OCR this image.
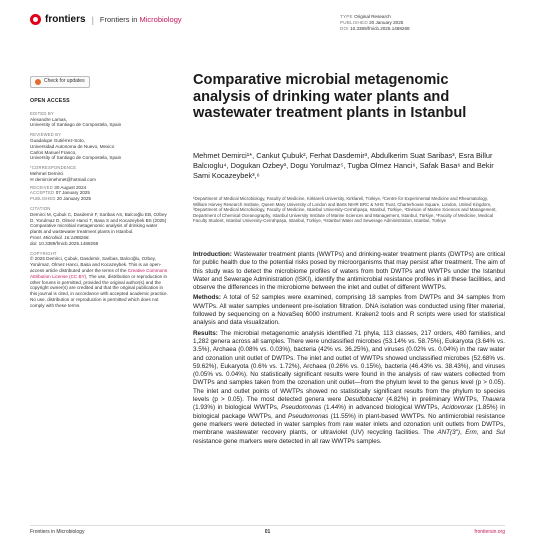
frontiers | Frontiers in Microbiology	TYPE Original Research
PUBLISHED 20 January 2025
DOI 10.3389/fmicb.2025.1488268
Check for updates
OPEN ACCESS
EDITED BY
Alexandre Lamas,
University of Santiago de Compostela, Spain
REVIEWED BY
Guadalupe Gutiérrez-Soto,
Universidad Autonoma de Nuevo, Mexico
Carlos Manuel Franco,
University of Santiago de Compostela, Spain
*CORRESPONDENCE
Mehmet Demirci
✉ demircimehmet@hotmail.com
RECEIVED 30 August 2024
ACCEPTED 07 January 2025
PUBLISHED 20 January 2025
CITATION
Demirci M, Çubuk C, Dasdemir F, Saribas AS, Balcıoğlu EB, Ozbey D, Yorulmaz D, Olmez Hanci T, Basa S and Kocazeybek BS (2025) Comparative microbial metagenomic analysis of drinking water plants and wastewater treatment plants in Istanbul.
Front. Microbiol. 16:1488268.
doi: 10.3389/fmicb.2025.1488268
COPYRIGHT
© 2025 Demirci, Çubuk, Dasdemir, Saribas, Balcıoğlu, Ozbey, Yorulmaz, Olmez Hanci, Basa and Kocazeybek. This is an open-access article distributed under the terms of the Creative Commons Attribution License (CC BY). The use, distribution or reproduction in other forums is permitted, provided the original author(s) and the copyright owner(s) are credited and that the original publication in this journal is cited, in accordance with accepted academic practice. No use, distribution or reproduction is permitted which does not comply with these terms.
Comparative microbial metagenomic analysis of drinking water plants and wastewater treatment plants in Istanbul
Mehmet Demirci¹*, Cankut Çubuk², Ferhat Dasdemir³, Abdulkerim Suat Saribas³, Esra Billur Balcıoglu⁴, Dogukan Ozbey³, Dogu Yorulmaz⁵, Tugba Olmez Hanci⁶, Safak Basa⁶ and Bekir Sami Kocazeybek³,⁶
¹Department of Medical Microbiology, Faculty of Medicine, Kirklareli University, Kirklareli, Türkiye, ²Centre for Experimental Medicine and Rheumatology, William Harvey Research Institute, Queen Mary University of London and Barts NIHR BRC & NHS Trust, Charterhouse Square, London, United Kingdom, ³Department of Medical Microbiology, Faculty of Medicine, Istanbul University-Cerrahpaşa, Istanbul, Türkiye, ⁴Division of Marine Sciences and Management, Department of Chemical Oceanography, Istanbul University Institute of Marine Sciences and Management, Istanbul, Türkiye, ⁵Faculty of Medicine, Medical Faculty Student, Istanbul University-Cerrahpaşa, Istanbul, Türkiye, ⁶Istanbul Water and Sewerage Administration, Istanbul, Türkiye

Introduction: Wastewater treatment plants (WWTPs) and drinking-water treatment plants (DWTPs) are critical for public health due to the potential risks posed by microorganisms that may persist after treatment. The aim of this study was to detect the microbiome profiles of waters from both DWTPs and WWTPs under the Istanbul Water and Sewerage Administration (ISKI), identify the antimicrobial resistance profiles in all these facilities, and observe the differences in the microbiome between the inlet and outlet of different WWTPs.

Methods: A total of 52 samples were examined, comprising 18 samples from DWTPs and 34 samples from WWTPs. All water samples underwent pre-isolation filtration. DNA isolation was conducted using filter material, followed by sequencing on a NovaSeq 6000 instrument. Kraken2 tools and R scripts were used for statistical analysis and data visualization.

Results: The microbial metagenomic analysis identified 71 phyla, 113 classes, 217 orders, 480 families, and 1,282 genera across all samples. There were unclassified microbes (53.14% vs. 58.75%), Eukaryota (3.64% vs. 3.5%), Archaea (0.08% vs. 0.03%), bacteria (42% vs. 36.25%), and viruses (0.02% vs. 0.04%) in the raw water and ozonation unit outlet of DWTPs. The inlet and outlet of WWTPs showed unclassified microbes (52.68% vs. 59.62%), Eukaryota (0.6% vs. 1.72%), Archaea (0.26% vs. 0.15%), bacteria (46.43% vs. 38.43%), and viruses (0.05% vs. 0.04%). No statistically significant results were found in the analysis of raw waters collected from DWTPs and samples taken from the ozonation unit outlet—from the phylum level to the genus level (p > 0.05). The inlet and outlet points of WWTPs showed no statistically significant results from the phylum to species levels (p > 0.05). The most detected genera were Desulfobacter (4.82%) in preliminary WWTPs, Thauera (1.93%) in biological WWTPs, Pseudomonas (1.44%) in advanced biological WWTPs, Acidovorax (1.85%) in biological package WWTPs, and Pseudomonas (11.55%) in plant-based WWTPs. No antimicrobial resistance gene markers were detected in water samples from raw water inlets and ozonation unit outlets from DWTPs, membrane wastewater recovery plants, or ultraviolet (UV) recycling facilities. The ANT(3″), Erm, and Sul resistance gene markers were detected in all raw WWTPs samples.

Frontiers in Microbiology	01	frontiersin.org
